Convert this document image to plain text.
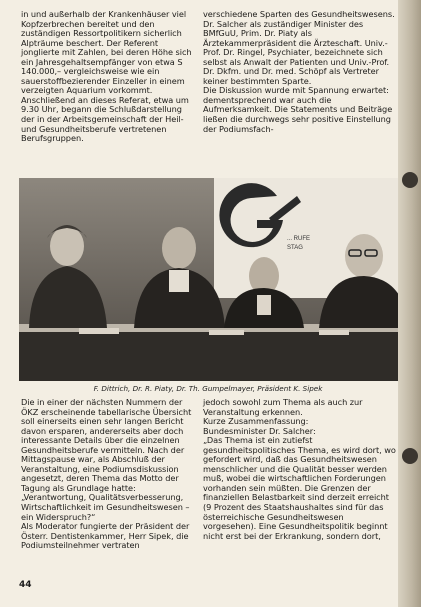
in und außerhalb der Krankenhäuser viel Kopfzerbrechen bereitet und den zuständigen Ressortpolitikern sicherlich Alpträume beschert. Der Referent jonglierte mit Zahlen, bei deren Höhe sich ein Jahresgehaltsempfänger von etwa S 140.000,– vergleichsweise wie ein sauerstoffbezierender Einzeller in einem verzeigten Aquarium vorkommt.

Anschließend an dieses Referat, etwa um 9.30 Uhr, begann die Schlußdarstellung der in der Arbeitsgemeinschaft der Heil- und Gesundheitsberufe vertretenen Berufsgruppen.

verschiedene Sparten des Gesundheitswesens. Dr. Salcher als zuständiger Minister des BMfGuU, Prim. Dr. Piaty als Ärztekammerpräsident die Ärzteschaft. Univ.-Prof. Dr. Ringel, Psychiater, bezeichnete sich selbst als Anwalt der Patienten und Univ.-Prof. Dr. Dkfm. und Dr. med. Schöpf als Vertreter keiner bestimmten Sparte.

Die Diskussion wurde mit Spannung erwartet: dementsprechend war auch die Aufmerksamkeit. Die Statements und Beiträge ließen die durchwegs sehr positive Einstellung der Podiumsfach-

... RUFE
STAG
F. Dittrich, Dr. R. Piaty, Dr. Th. Gumpelmayer, Präsident K. Sipek

Die in einer der nächsten Nummern der ÖKZ erscheinende tabellarische Übersicht soll einerseits einen sehr langen Bericht davon ersparen, andererseits aber doch interessante Details über die einzelnen Gesundheitsberufe vermitteln. Nach der Mittagspause war, als Abschluß der Veranstaltung, eine Podiumsdiskussion angesetzt, deren Thema das Motto der Tagung als Grundlage hatte: „Verantwortung, Qualitätsverbesserung, Wirtschaftlichkeit im Gesundheitswesen – ein Widerspruch?“

Als Moderator fungierte der Präsident der Österr. Dentistenkammer, Herr Sipek, die Podiumsteilnehmer vertraten

jedoch sowohl zum Thema als auch zur Veranstaltung erkennen.

Kurze Zusammenfassung:

Bundesminister Dr. Salcher:

„Das Thema ist ein zutiefst gesundheitspolitisches Thema, es wird dort, wo gefordert wird, daß das Gesundheitswesen menschlicher und die Qualität besser werden muß, wobei die wirtschaftlichen Forderungen vorhanden sein müßten. Die Grenzen der finanziellen Belastbarkeit sind derzeit erreicht (9 Prozent des Staatshaushaltes sind für das österreichische Gesundheitswesen vorgesehen). Eine Gesundheitspolitik beginnt nicht erst bei der Erkrankung, sondern dort,

44
